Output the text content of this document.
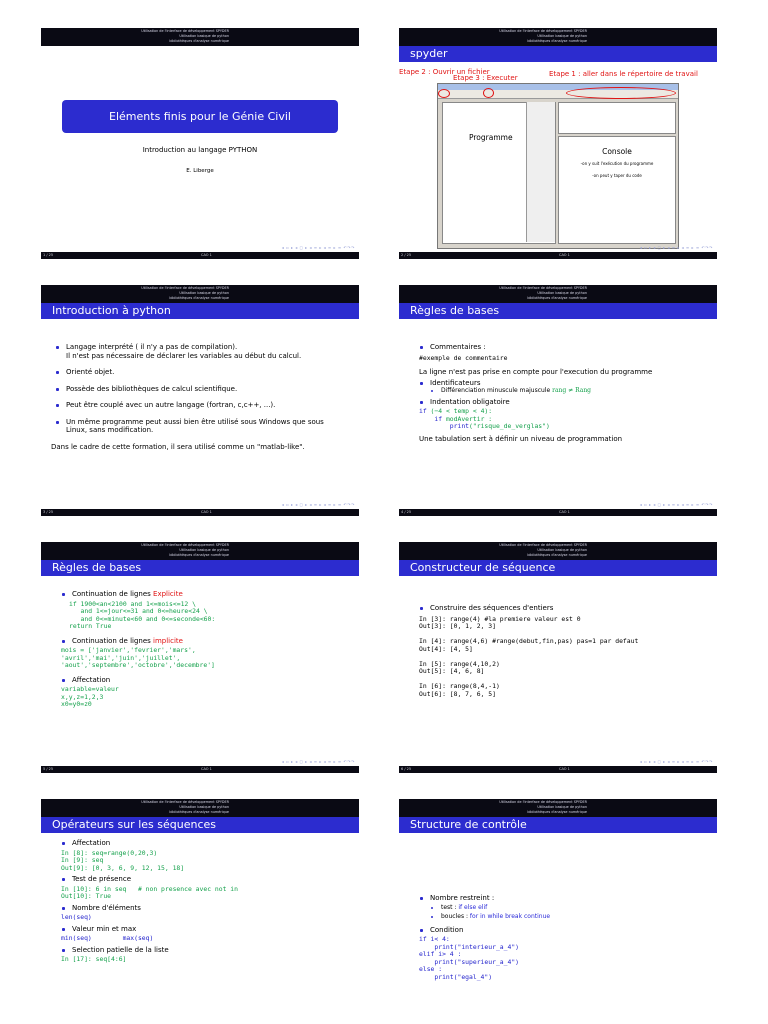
Utilisation de l'interface de développement SPYDER
Utilisation basique de python
bibliothèques d'analyse numérique
Eléments finis pour le Génie Civil
Introduction au langage PYTHON
E. Liberge
◂ ▫ ▸ ◂ ◻ ▸ ◂ ≡ ▸ ◂ ≡ ▸ ≡ ↶↷↷
1 / 25	CAO 1
Utilisation de l'interface de développement SPYDER
Utilisation basique de python
bibliothèques d'analyse numérique
spyder
Etape 2 : Ouvrir un fichier
Etape 3 : Executer	Etape 1 : aller dans le répertoire de travail
Programme
Console
-on y suit l'exécution du programme
-on peut y taper du code
◂ ▫ ▸ ◂ ◻ ▸ ◂ ≡ ▸ ◂ ≡ ▸ ≡ ↶↷↷
2 / 25	CAO 1
Utilisation de l'interface de développement SPYDER
Utilisation basique de python
bibliothèques d'analyse numérique
Introduction à python
Langage interprété ( il n'y a pas de compilation).
Il n'est pas nécessaire de déclarer les variables au début du calcul.
Orienté objet.
Possède des bibliothèques de calcul scientifique.
Peut être couplé avec un autre langage (fortran, c,c++, ...).
Un même programme peut aussi bien être utilisé sous Windows que sous Linux, sans modification.
Dans le cadre de cette formation, il sera utilisé comme un "matlab-like".
◂ ▫ ▸ ◂ ◻ ▸ ◂ ≡ ▸ ◂ ≡ ▸ ≡ ↶↷↷
3 / 25	CAO 1
Utilisation de l'interface de développement SPYDER
Utilisation basique de python
bibliothèques d'analyse numérique
Règles de bases
Commentaires :
#exemple de commentaire
La ligne n'est pas prise en compte pour l'execution du programme
Identificateurs
Différenciation minuscule majuscule rang ≠ Rang
Indentation obligatoire
if (−4 < temp < 4):
if modAvertir :
print("risque_de_verglas")
Une tabulation sert à définir un niveau de programmation
◂ ▫ ▸ ◂ ◻ ▸ ◂ ≡ ▸ ◂ ≡ ▸ ≡ ↶↷↷
4 / 25	CAO 1
Utilisation de l'interface de développement SPYDER
Utilisation basique de python
bibliothèques d'analyse numérique
Règles de bases
Continuation de lignes Explicite
if 1900<an<2100 and 1<=mois<=12 \
and 1<=jour<=31 and 0<=heure<24 \
and 0<=minute<60 and 0<=seconde<60:
return True
Continuation de lignes implicite
mois = ['janvier','fevrier','mars',
'avril','mai','juin','juillet',
'aout','septembre','octobre','decembre']
Affectation
variable=valeur
x,y,z=1,2,3
x0=y0=z0
◂ ▫ ▸ ◂ ◻ ▸ ◂ ≡ ▸ ◂ ≡ ▸ ≡ ↶↷↷
5 / 25	CAO 1
Utilisation de l'interface de développement SPYDER
Utilisation basique de python
bibliothèques d'analyse numérique
Constructeur de séquence
Construire des séquences d'entiers
In [3]: range(4) #la premiere valeur est 0
Out[3]: [0, 1, 2, 3]

In [4]: range(4,6) #range(debut,fin,pas) pas=1 par defaut
Out[4]: [4, 5]

In [5]: range(4,10,2)
Out[5]: [4, 6, 8]

In [6]: range(8,4,-1)
Out[6]: [8, 7, 6, 5]
◂ ▫ ▸ ◂ ◻ ▸ ◂ ≡ ▸ ◂ ≡ ▸ ≡ ↶↷↷
6 / 25	CAO 1
Utilisation de l'interface de développement SPYDER
Utilisation basique de python
bibliothèques d'analyse numérique
Opérateurs sur les séquences
Affectation
In [8]: seq=range(0,20,3)
In [9]: seq
Out[9]: [0, 3, 6, 9, 12, 15, 18]
Test de présence
In [10]: 6 in seq   # non presence avec not in
Out[10]: True
Nombre d'éléments
len(seq)
Valeur min et max
min(seq)	max(seq)
Selection patielle de la liste
In [17]: seq[4:6]
Utilisation de l'interface de développement SPYDER
Utilisation basique de python
bibliothèques d'analyse numérique
Structure de contrôle
Nombre restreint :
test : if else elif
boucles : for in while break continue
Condition
if i< 4:
print("interieur_a_4")
elif i> 4 :
print("superieur_a_4")
else :
print("egal_4")
